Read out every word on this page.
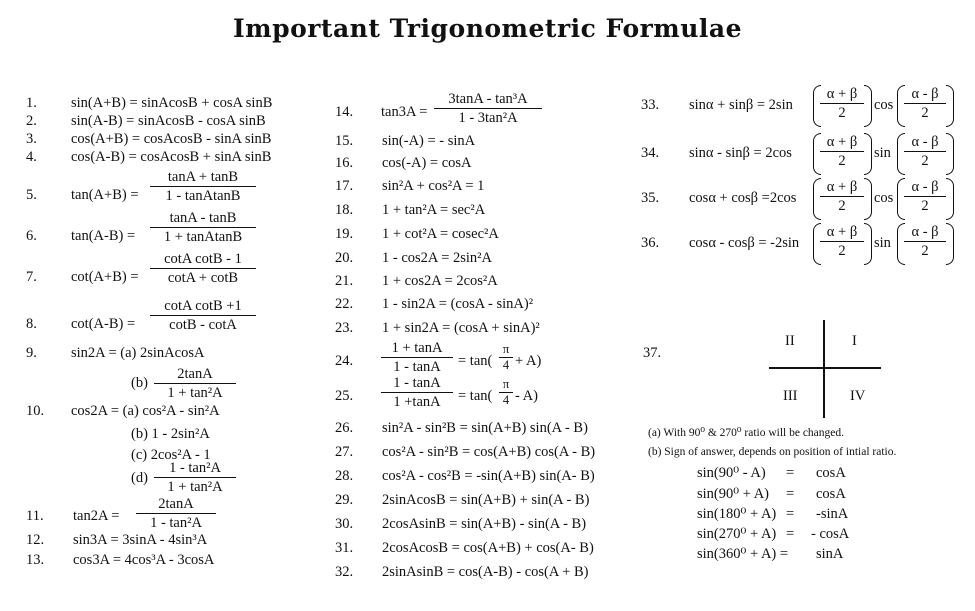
Important Trigonometric Formulae
1. sin(A+B) = sinAcosB + cosA sinB
2. sin(A-B) = sinAcosB - cosA sinB
3. cos(A+B) = cosAcosB - sinA sinB
4. cos(A-B) = cosAcosB + sinA sinB
5. $\tan(A+B) = \frac{\tan A + \tan B}{\text{1 - tanAtanB}}$
6. $\tan(A-B) = \frac{\tan A - \tan B}{\text{1 + tanAtanB}}$
7. $\cot(A+B) = \frac{\text{cotA cotB - 1}}{\cot A + \cot B}$
8. $\cot(A-B) = \frac{\text{cotA cotB +1}}{\cot B - \cot A}$
9. sin2A = (a) 2sinAcosA
$(b) \frac{2\tan A}{\text{1 + tan²A}}$
10. cos2A = (a) cos²A - sin²A
(b) 1 - 2sin²A
(c) 2cos²A - 1
$(d) \frac{\text{1 - tan²A}}{\text{1 + tan²A}}$
11. $\tan 2A = \frac{2\tan A}{\text{1 - tan²A}}$
12. sin3A = 3sinA - 4sin³A
13. cos3A = 4cos³A - 3cosA
14. $\tan 3A = \frac{\text{3tanA - tan³A}}{\text{1 - 3tan²A}}$
15. sin(-A) = - sinA
16. cos(-A) = cosA
17. sin²A + cos²A = 1
18. 1 + tan²A = sec²A
19. 1 + cot²A = cosec²A
20. 1 - cos2A = 2sin²A
21. 1 + cos2A = 2cos²A
22. 1 - sin2A = (cosA - sinA)²
23. 1 + sin2A = (cosA + sinA)²
24. $\frac{1 + \tan A}{1 - \tan A} = \tan( \frac{\pi}{4} + A)$
25. $\frac{1 - \tan A}{1 +\tan A} = \tan( \frac{\pi}{4} - A)$
26. sin²A - sin²B = sin(A+B) sin(A - B)
27. cos²A - sin²B = cos(A+B) cos(A - B)
28. cos²A - cos²B = -sin(A+B) sin(A- B)
29. 2sinAcosB = sin(A+B) + sin(A - B)
30. 2cosAsinB = sin(A+B) - sin(A - B)
31. 2cosAcosB = cos(A+B) + cos(A- B)
32. 2sinAsinB = cos(A-B) - cos(A + B)
33. $\sin\alpha + \sin\beta = 2\sin \frac{\alpha + \beta}{2}$ $\cos \frac{\alpha - \beta}{2}$
34. $\sin\alpha - \sin\beta = 2\cos \frac{\alpha + \beta}{2}$ $\sin \frac{\alpha - \beta}{2}$
35. $\cos\alpha + \cos\beta =2\cos \frac{\alpha + \beta}{2}$ $\cos \frac{\alpha - \beta}{2}$
36. $\cos\alpha - \cos\beta = -2\sin \frac{\alpha + \beta}{2}$ $\sin \frac{\alpha - \beta}{2}$
37.
II	I
III	IV
(a) With 90⁰ & 270⁰ ratio will be changed.
(b) Sign of answer, depends on position of intial ratio.
sin(90⁰ - A) = cosA
sin(90⁰ + A) = cosA
sin(180⁰ + A) = -sinA
sin(270⁰ + A) = - cosA
sin(360⁰ + A) = sinA
